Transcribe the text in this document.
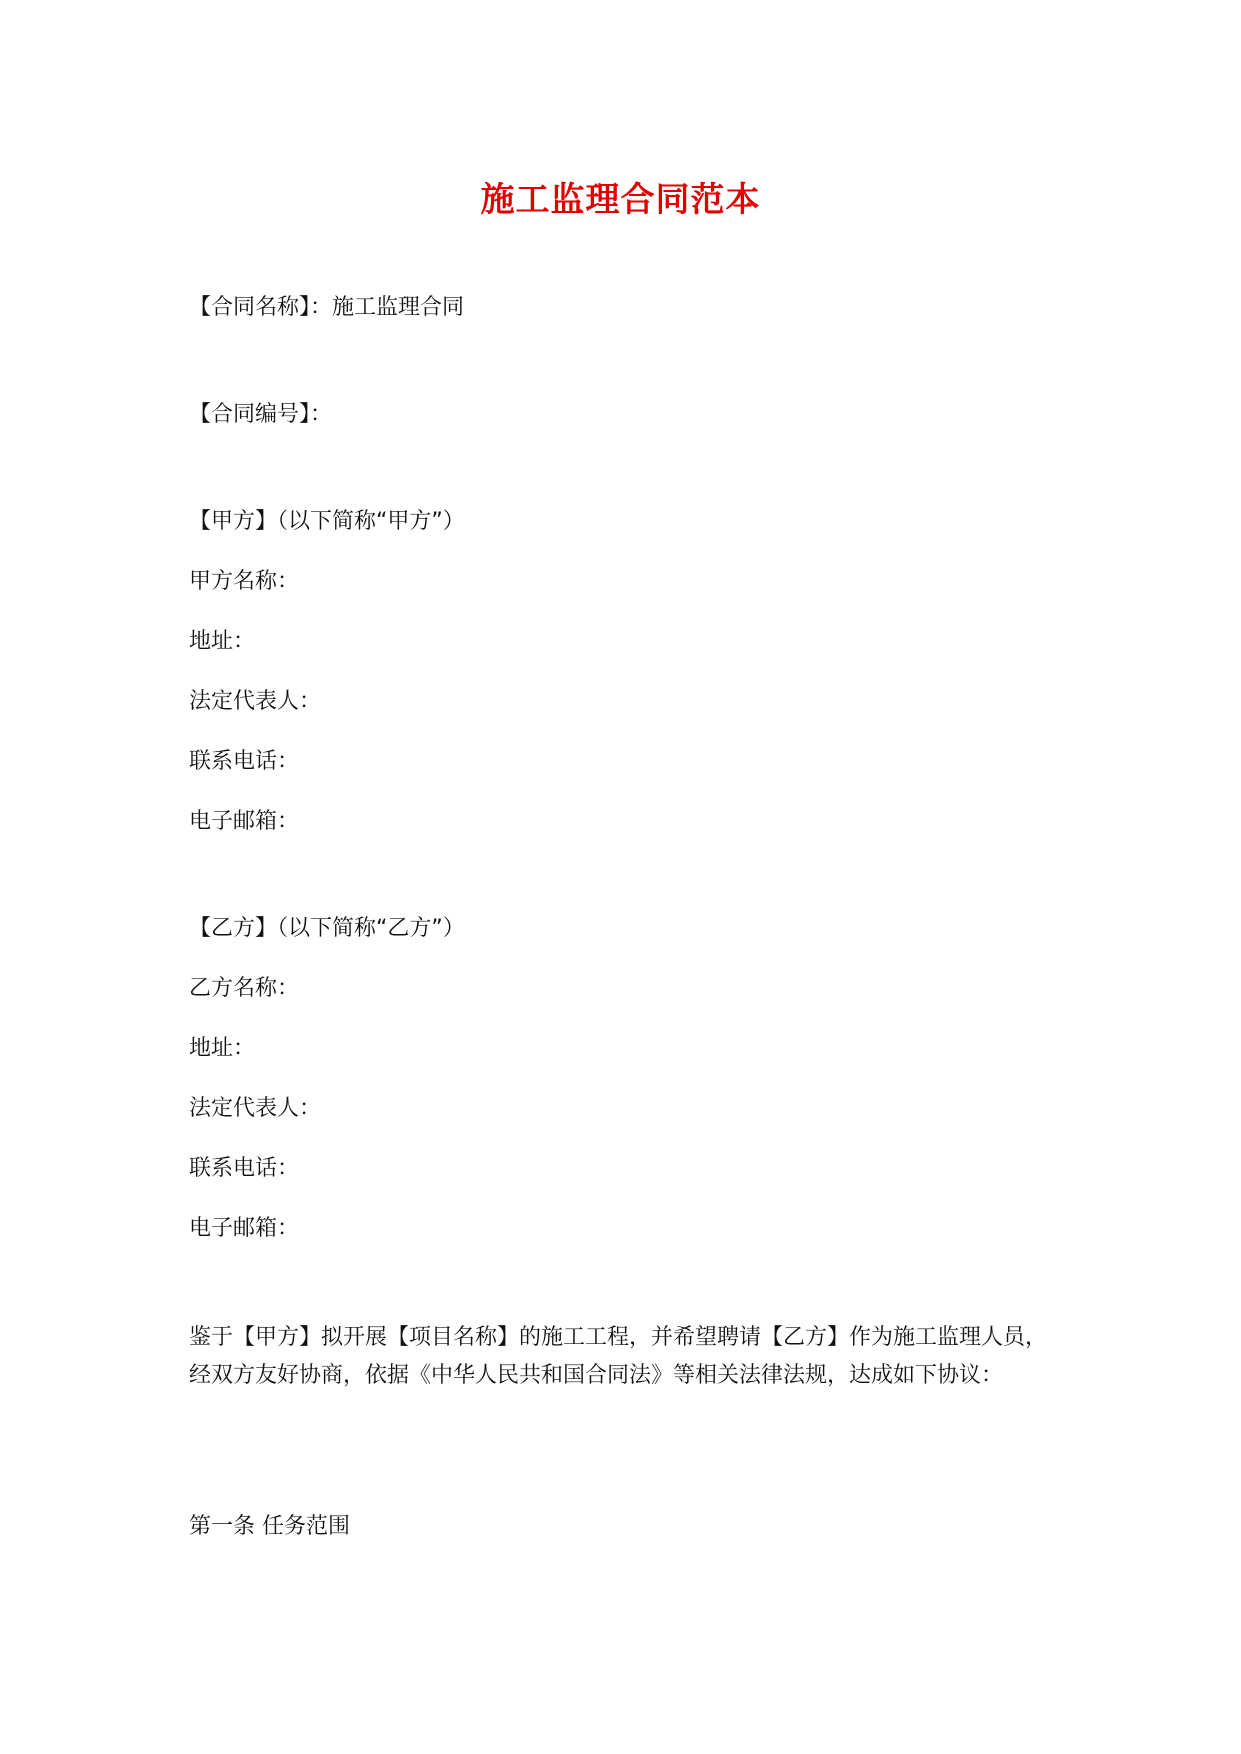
施工监理合同范本
【合同名称】：施工监理合同
【合同编号】：
【甲方】（以下简称“甲方”）
甲方名称：
地址：
法定代表人：
联系电话：
电子邮箱：
【乙方】（以下简称“乙方”）
乙方名称：
地址：
法定代表人：
联系电话：
电子邮箱：
鉴于【甲方】拟开展【项目名称】的施工工程，并希望聘请【乙方】作为施工监理人员，经双方友好协商，依据《中华人民共和国合同法》等相关法律法规，达成如下协议：
第一条 任务范围
